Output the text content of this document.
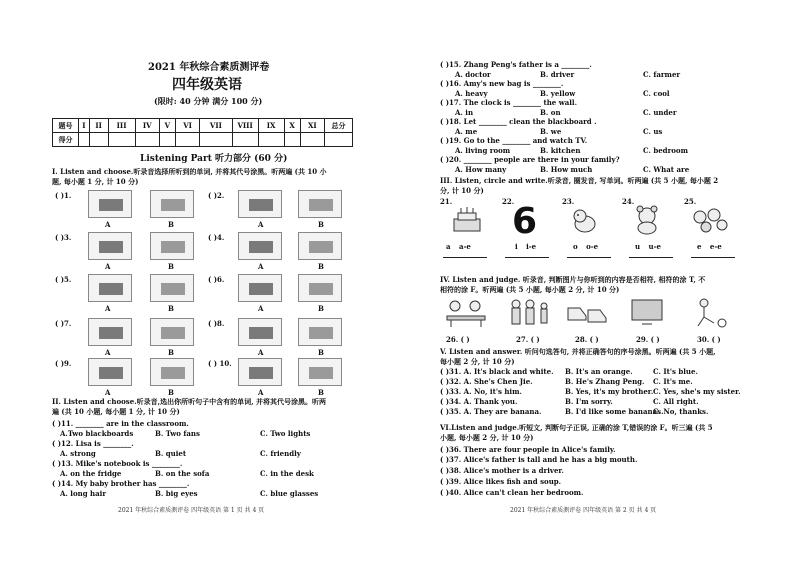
2021 年秋综合素质测评卷
四年级英语
(限时: 40 分钟 满分 100 分)
题号	I	II	III	IV	V	VI	VII	VIII	IX	X	XI	总分
得分												
Listening Part 听力部分 (60 分)
I. Listen and choose.听录音选择所听到的单词, 并将其代号涂黑。听两遍 (共 10 小
题, 每小题 1 分, 计 10 分)
( )1.
A	B
( )2.
A	B
( )3.
A	B
( )4.
A	B
( )5.
A	B
( )6.
A	B
( )7.
A	B
( )8.
A	B
( )9.
A	B
( ) 10.
A	B
II. Listen and choose.听录音,选出你所听句子中含有的单词, 并将其代号涂黑。听两
遍 (共 10 小题, 每小题 1 分, 计 10 分)
( )11. ________ are in the classroom.
A.Two blackboards	B. Two fans	C. Two lights
( )12. Lisa is ________.
A. strong	B. quiet	C. friendly
( )13. Mike's notebook is ________.
A. on the fridge	B. on the sofa	C. in the desk
( )14. My baby brother has ________.
A. long hair	B. big eyes	C. blue glasses
2021 年秋综合素质测评卷 四年级英语 第 1 页 共 4 页
( )15. Zhang Peng's father is a ________.
A. doctor	B. driver	C. farmer
( )16. Amy's new bag is ________.
A. heavy	B. yellow	C. cool
( )17. The clock is ________ the wall.
A. in	B. on	C. under
( )18. Let ________ clean the blackboard .
A. me	B. we	C. us
( )19. Go to the ________ and watch TV.
A. living room	B. kitchen	C. bedroom
( )20. ________ people are there in your family?
A. How many	B. How much	C. What are
III. Listen, circle and write.听录音, 圈发音, 写单词。听两遍 (共 5 小题, 每小题 2
分, 计 10 分)
21.	22.	23.	24.	25.
6
a a-e	i i-e	o o-e	u u-e	e e-e
IV. Listen and judge. 听录音, 判断图片与你听到的内容是否相符, 相符的涂 T, 不
相符的涂 F。听两遍 (共 5 小题, 每小题 2 分, 计 10 分)
26. ( )	27. ( )	28. ( )	29. ( )	30. ( )
V. Listen and answer. 听问句选答句, 并将正确答句的序号涂黑。听两遍 (共 5 小题,
每小题 2 分, 计 10 分)
( )31. A. It's black and white. B. It's an orange.	C. It's blue.
( )32. A. She's Chen Jie.	B. He's Zhang Peng. C. It's me.
( )33. A. No, it's him.	B. Yes, it's my brother. C. Yes, she's my sister.
( )34. A. Thank you.	B. I'm sorry.	C. All right.
( )35. A. They are banana.	B. I'd like some bananas.
C. No, thanks.
VI.Listen and judge.听短文, 判断句子正误, 正确的涂 T,错误的涂 F。听三遍 (共 5
小题, 每小题 2 分, 计 10 分)
( )36. There are four people in Alice's family.
( )37. Alice's father is tall and he has a big mouth.
( )38. Alice's mother is a driver.
( )39. Alice likes fish and soup.
( )40. Alice can't clean her bedroom.
2021 年秋综合素质测评卷 四年级英语 第 2 页 共 4 页
